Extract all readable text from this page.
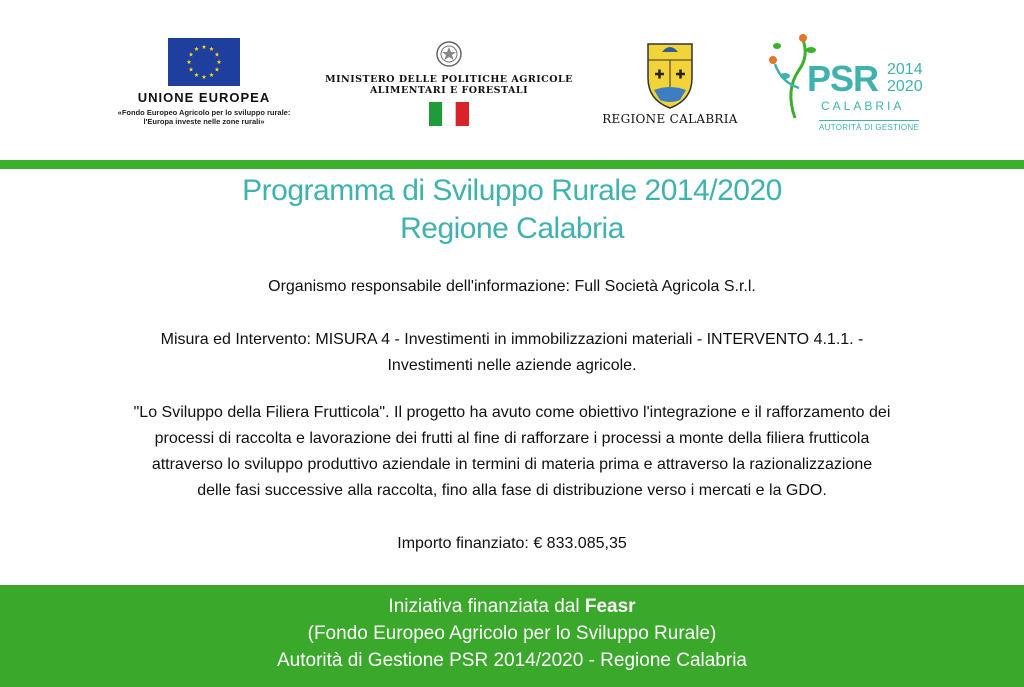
UNIONE EUROPEA
«Fondo Europeo Agricolo per lo sviluppo rurale:
l'Europa investe nelle zone rurali»
MINISTERO DELLE POLITICHE AGRICOLE
ALIMENTARI E FORESTALI
REGIONE CALABRIA
PSR 2014
2020
CALABRIA
AUTORITÀ DI GESTIONE
Programma di Sviluppo Rurale 2014/2020
Regione Calabria
Organismo responsabile dell'informazione: Full Società Agricola S.r.l.
Misura ed Intervento: MISURA 4 - Investimenti in immobilizzazioni materiali - INTERVENTO 4.1.1. -
Investimenti nelle aziende agricole.
"Lo Sviluppo della Filiera Frutticola". Il progetto ha avuto come obiettivo l'integrazione e il rafforzamento dei
processi di raccolta e lavorazione dei frutti al fine di rafforzare i processi a monte della filiera frutticola
attraverso lo sviluppo produttivo aziendale in termini di materia prima e attraverso la razionalizzazione
delle fasi successive alla raccolta, fino alla fase di distribuzione verso i mercati e la GDO.
Importo finanziato: € 833.085,35
Iniziativa finanziata dal Feasr
(Fondo Europeo Agricolo per lo Sviluppo Rurale)
Autorità di Gestione PSR 2014/2020 - Regione Calabria
